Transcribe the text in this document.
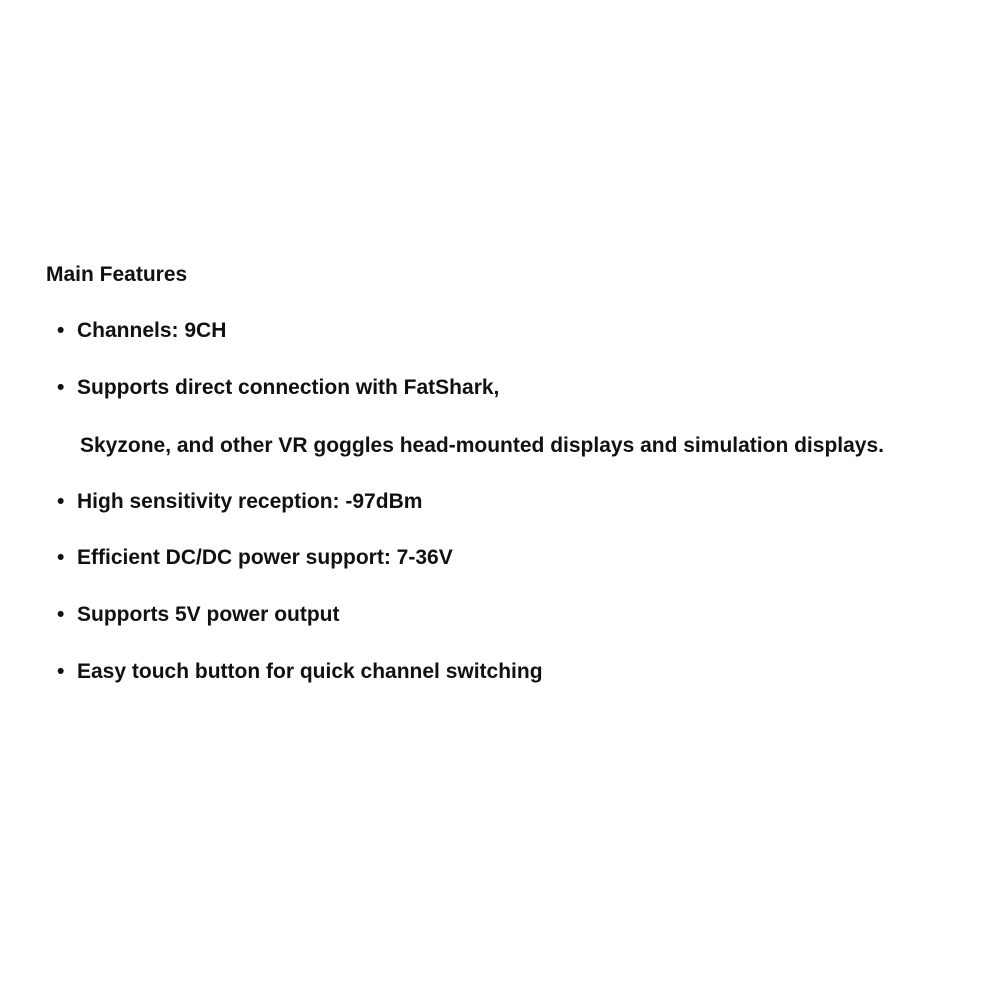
Main Features
• Channels: 9CH
• Supports direct connection with FatShark,
Skyzone, and other VR goggles head-mounted displays and simulation displays.
• High sensitivity reception: -97dBm
• Efficient DC/DC power support: 7-36V
• Supports 5V power output
• Easy touch button for quick channel switching
